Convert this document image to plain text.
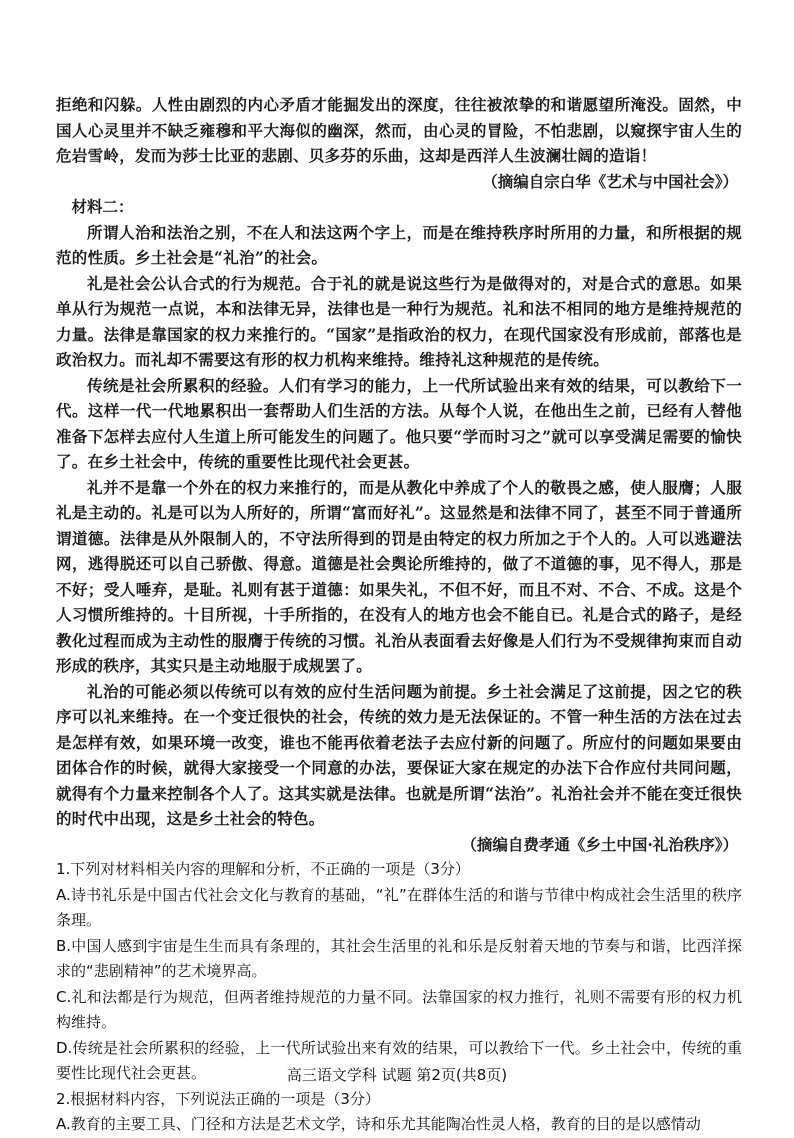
拒绝和闪躲。人性由剧烈的内心矛盾才能掘发出的深度，往往被浓挚的和谐愿望所淹没。固然，中国人心灵里并不缺乏雍穆和平大海似的幽深，然而，由心灵的冒险，不怕悲剧，以窥探宇宙人生的危岩雪岭，发而为莎士比亚的悲剧、贝多芬的乐曲，这却是西洋人生波澜壮阔的造诣！

（摘编自宗白华《艺术与中国社会》）

材料二：

所谓人治和法治之别，不在人和法这两个字上，而是在维持秩序时所用的力量，和所根据的规范的性质。乡土社会是“礼治”的社会。

礼是社会公认合式的行为规范。合于礼的就是说这些行为是做得对的，对是合式的意思。如果单从行为规范一点说，本和法律无异，法律也是一种行为规范。礼和法不相同的地方是维持规范的力量。法律是靠国家的权力来推行的。“国家”是指政治的权力，在现代国家没有形成前，部落也是政治权力。而礼却不需要这有形的权力机构来维持。维持礼这种规范的是传统。

传统是社会所累积的经验。人们有学习的能力，上一代所试验出来有效的结果，可以教给下一代。这样一代一代地累积出一套帮助人们生活的方法。从每个人说，在他出生之前，已经有人替他准备下怎样去应付人生道上所可能发生的问题了。他只要“学而时习之”就可以享受满足需要的愉快了。在乡土社会中，传统的重要性比现代社会更甚。

礼并不是靠一个外在的权力来推行的，而是从教化中养成了个人的敬畏之感，使人服膺；人服礼是主动的。礼是可以为人所好的，所谓“富而好礼”。这显然是和法律不同了，甚至不同于普通所谓道德。法律是从外限制人的，不守法所得到的罚是由特定的权力所加之于个人的。人可以逃避法网，逃得脱还可以自己骄傲、得意。道德是社会舆论所维持的，做了不道德的事，见不得人，那是不好；受人唾弃，是耻。礼则有甚于道德：如果失礼，不但不好，而且不对、不合、不成。这是个人习惯所维持的。十目所视，十手所指的，在没有人的地方也会不能自已。礼是合式的路子，是经教化过程而成为主动性的服膺于传统的习惯。礼治从表面看去好像是人们行为不受规律拘束而自动形成的秩序，其实只是主动地服于成规罢了。

礼治的可能必须以传统可以有效的应付生活问题为前提。乡土社会满足了这前提，因之它的秩序可以礼来维持。在一个变迁很快的社会，传统的效力是无法保证的。不管一种生活的方法在过去是怎样有效，如果环境一改变，谁也不能再依着老法子去应付新的问题了。所应付的问题如果要由团体合作的时候，就得大家接受一个同意的办法，要保证大家在规定的办法下合作应付共同问题，就得有个力量来控制各个人了。这其实就是法律。也就是所谓“法治”。礼治社会并不能在变迁很快的时代中出现，这是乡土社会的特色。

（摘编自费孝通《乡土中国·礼治秩序》）

1.下列对材料相关内容的理解和分析，不正确的一项是（3分）

A.诗书礼乐是中国古代社会文化与教育的基础，“礼”在群体生活的和谐与节律中构成社会生活里的秩序条理。

B.中国人感到宇宙是生生而具有条理的，其社会生活里的礼和乐是反射着天地的节奏与和谐，比西洋探求的“悲剧精神”的艺术境界高。

C.礼和法都是行为规范，但两者维持规范的力量不同。法靠国家的权力推行，礼则不需要有形的权力机构维持。

D.传统是社会所累积的经验，上一代所试验出来有效的结果，可以教给下一代。乡土社会中，传统的重要性比现代社会更甚。

2.根据材料内容，下列说法正确的一项是（3分）

A.教育的主要工具、门径和方法是艺术文学，诗和乐尤其能陶冶性灵人格，教育的目的是以感情动

高三语文学科 试题 第2页(共8页)
